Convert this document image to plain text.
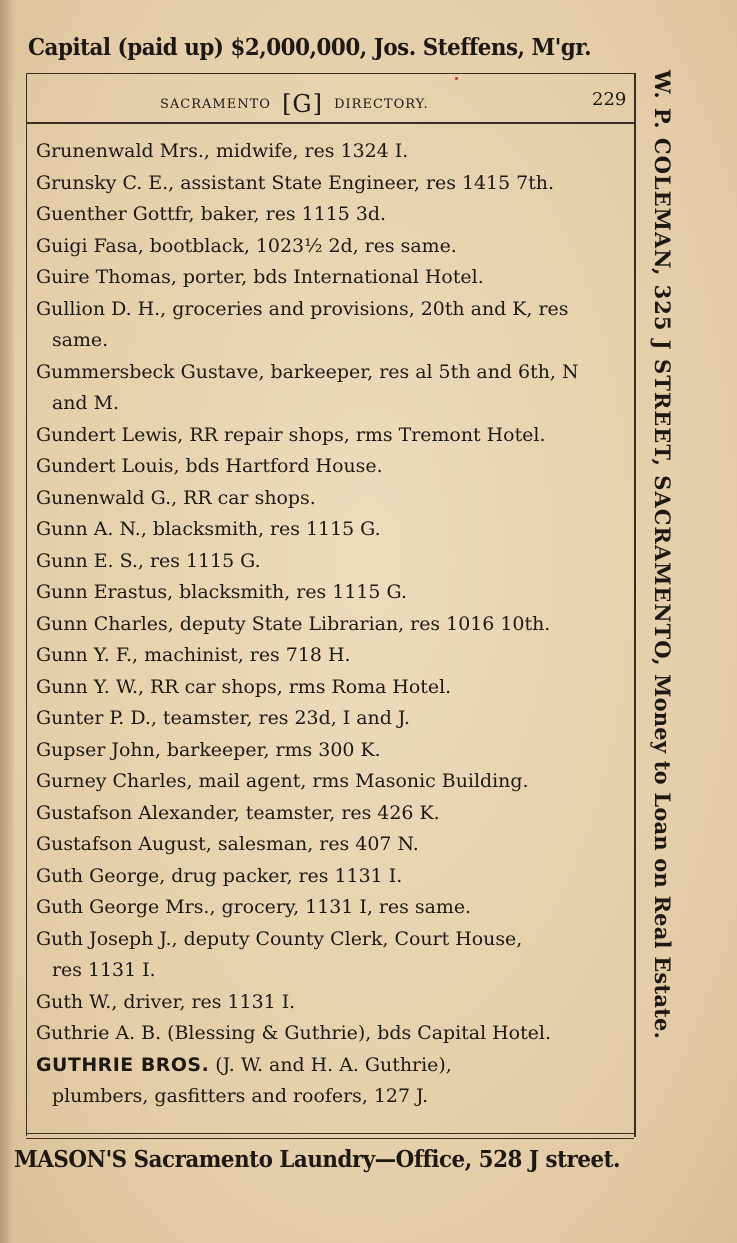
Capital (paid up) $2,000,000, Jos. Steffens, M'gr.
SACRAMENTO [G] DIRECTORY.	229 W. P. COLEMAN, 325 J STREET, SACRAMENTO, Money to Loan on Real Estate.
Grunenwald Mrs., midwife, res 1324 I.
Grunsky C. E., assistant State Engineer, res 1415 7th.
Guenther Gottfr, baker, res 1115 3d.
Guigi Fasa, bootblack, 1023½ 2d, res same.
Guire Thomas, porter, bds International Hotel.
Gullion D. H., groceries and provisions, 20th and K, res
same.
Gummersbeck Gustave, barkeeper, res al 5th and 6th, N
and M.
Gundert Lewis, RR repair shops, rms Tremont Hotel.
Gundert Louis, bds Hartford House.
Gunenwald G., RR car shops.
Gunn A. N., blacksmith, res 1115 G.
Gunn E. S., res 1115 G.
Gunn Erastus, blacksmith, res 1115 G.
Gunn Charles, deputy State Librarian, res 1016 10th.
Gunn Y. F., machinist, res 718 H.
Gunn Y. W., RR car shops, rms Roma Hotel.
Gunter P. D., teamster, res 23d, I and J.
Gupser John, barkeeper, rms 300 K.
Gurney Charles, mail agent, rms Masonic Building.
Gustafson Alexander, teamster, res 426 K.
Gustafson August, salesman, res 407 N.
Guth George, drug packer, res 1131 I.
Guth George Mrs., grocery, 1131 I, res same.
Guth Joseph J., deputy County Clerk, Court House,
res 1131 I.
Guth W., driver, res 1131 I.
Guthrie A. B. (Blessing & Guthrie), bds Capital Hotel.
GUTHRIE BROS. (J. W. and H. A. Guthrie),
plumbers, gasfitters and roofers, 127 J.
MASON'S Sacramento Laundry—Office, 528 J street.
